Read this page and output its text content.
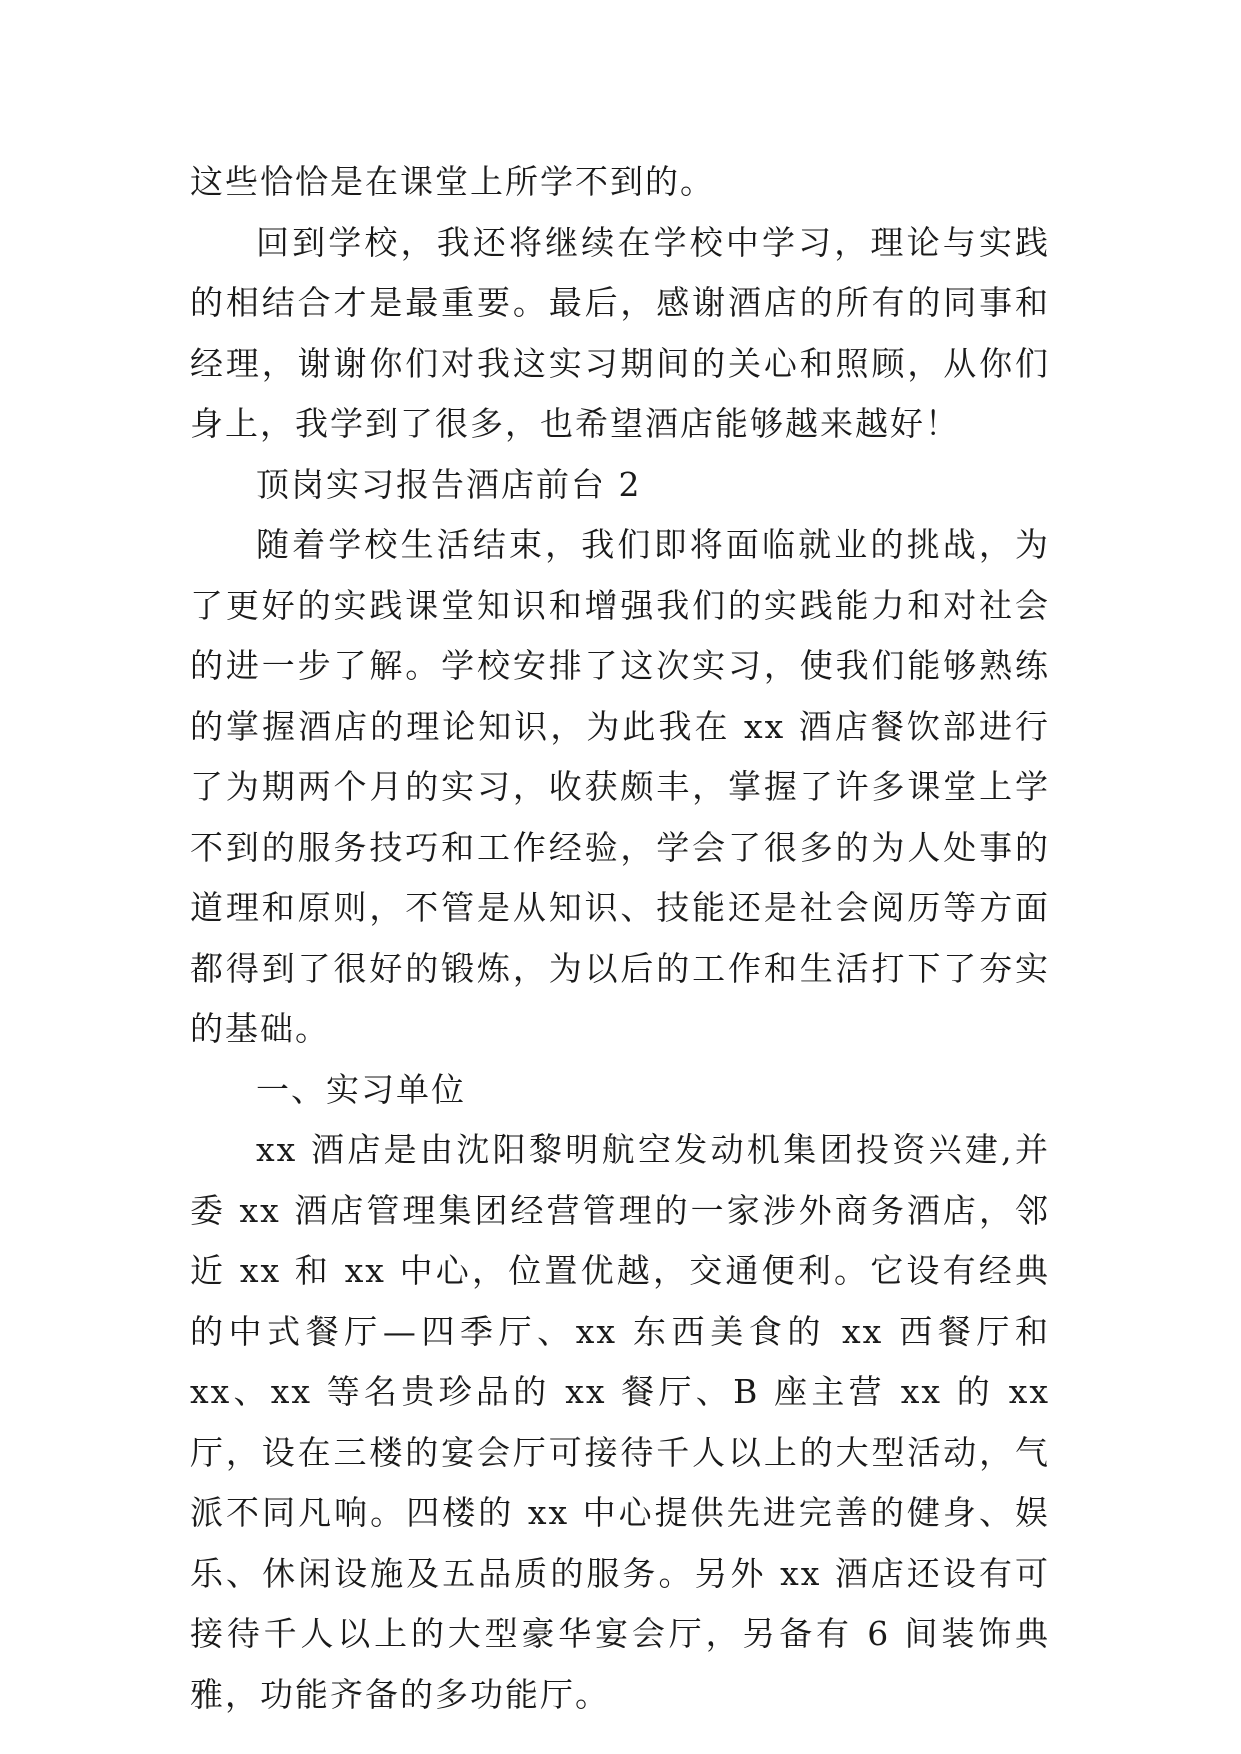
这些恰恰是在课堂上所学不到的。

回到学校，我还将继续在学校中学习，理论与实践的相结合才是最重要。最后，感谢酒店的所有的同事和经理，谢谢你们对我这实习期间的关心和照顾，从你们身上，我学到了很多，也希望酒店能够越来越好！

顶岗实习报告酒店前台 2

随着学校生活结束，我们即将面临就业的挑战，为了更好的实践课堂知识和增强我们的实践能力和对社会的进一步了解。学校安排了这次实习，使我们能够熟练的掌握酒店的理论知识，为此我在 xx 酒店餐饮部进行了为期两个月的实习，收获颇丰，掌握了许多课堂上学不到的服务技巧和工作经验，学会了很多的为人处事的道理和原则，不管是从知识、技能还是社会阅历等方面都得到了很好的锻炼，为以后的工作和生活打下了夯实的基础。

一、实习单位

xx 酒店是由沈阳黎明航空发动机集团投资兴建,并委 xx 酒店管理集团经营管理的一家涉外商务酒店，邻近 xx 和 xx 中心，位置优越，交通便利。它设有经典的中式餐厅—四季厅、xx 东西美食的 xx 西餐厅和 xx、xx 等名贵珍品的 xx 餐厅、B 座主营 xx 的 xx 厅，设在三楼的宴会厅可接待千人以上的大型活动，气派不同凡响。四楼的 xx 中心提供先进完善的健身、娱乐、休闲设施及五品质的服务。另外 xx 酒店还设有可接待千人以上的大型豪华宴会厅，另备有 6 间装饰典雅，功能齐备的多功能厅。
